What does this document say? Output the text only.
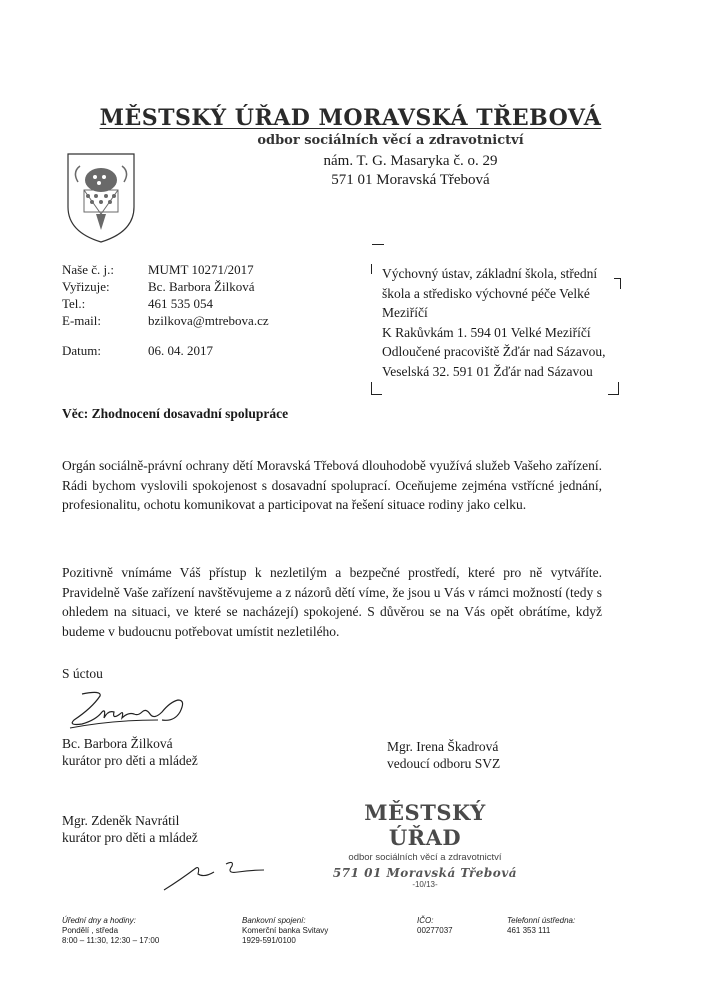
MĚSTSKÝ ÚŘAD MORAVSKÁ TŘEBOVÁ
odbor sociálních věcí a zdravotnictví
nám. T. G. Masaryka č. o. 29
571 01 Moravská Třebová
Naše č. j.:	MUMT 10271/2017
Vyřizuje:	Bc. Barbora Žilková
Tel.:	461 535 054
E-mail:	bzilkova@mtrebova.cz
Datum:	06. 04. 2017
Výchovný ústav, základní škola, střední
škola a středisko výchovné péče Velké
Meziříčí
K Rakůvkám 1. 594 01 Velké Meziříčí
Odloučené pracoviště Žďár nad Sázavou,
Veselská 32. 591 01 Žďár nad Sázavou
Věc: Zhodnocení dosavadní spolupráce
Orgán sociálně-právní ochrany dětí Moravská Třebová dlouhodobě využívá služeb Vašeho zařízení. Rádi bychom vyslovili spokojenost s dosavadní spoluprací. Oceňujeme zejména vstřícné jednání, profesionalitu, ochotu komunikovat a participovat na řešení situace rodiny jako celku.
Pozitivně vnímáme Váš přístup k nezletilým a bezpečné prostředí, které pro ně vytváříte. Pravidelně Vaše zařízení navštěvujeme a z názorů dětí víme, že jsou u Vás v rámci možností (tedy s ohledem na situaci, ve které se nacházejí) spokojené. S důvěrou se na Vás opět obrátíme, když budeme v budoucnu potřebovat umístit nezletilého.
S úctou
Bc. Barbora Žilková
kurátor pro děti a mládež
Mgr. Irena Škadrová
vedoucí odboru SVZ
Mgr. Zdeněk Navrátil
kurátor pro děti a mládež
MĚSTSKÝ ÚŘAD
odbor sociálních věcí a zdravotnictví
571 01 Moravská Třebová
-10/13-
Úřední dny a hodiny:
Pondělí , středa
8:00 – 11:30, 12:30 – 17:00
Bankovní spojení:
Komerční banka Svitavy
1929-591/0100
IČO:
00277037
Telefonní ústředna:
461 353 111
